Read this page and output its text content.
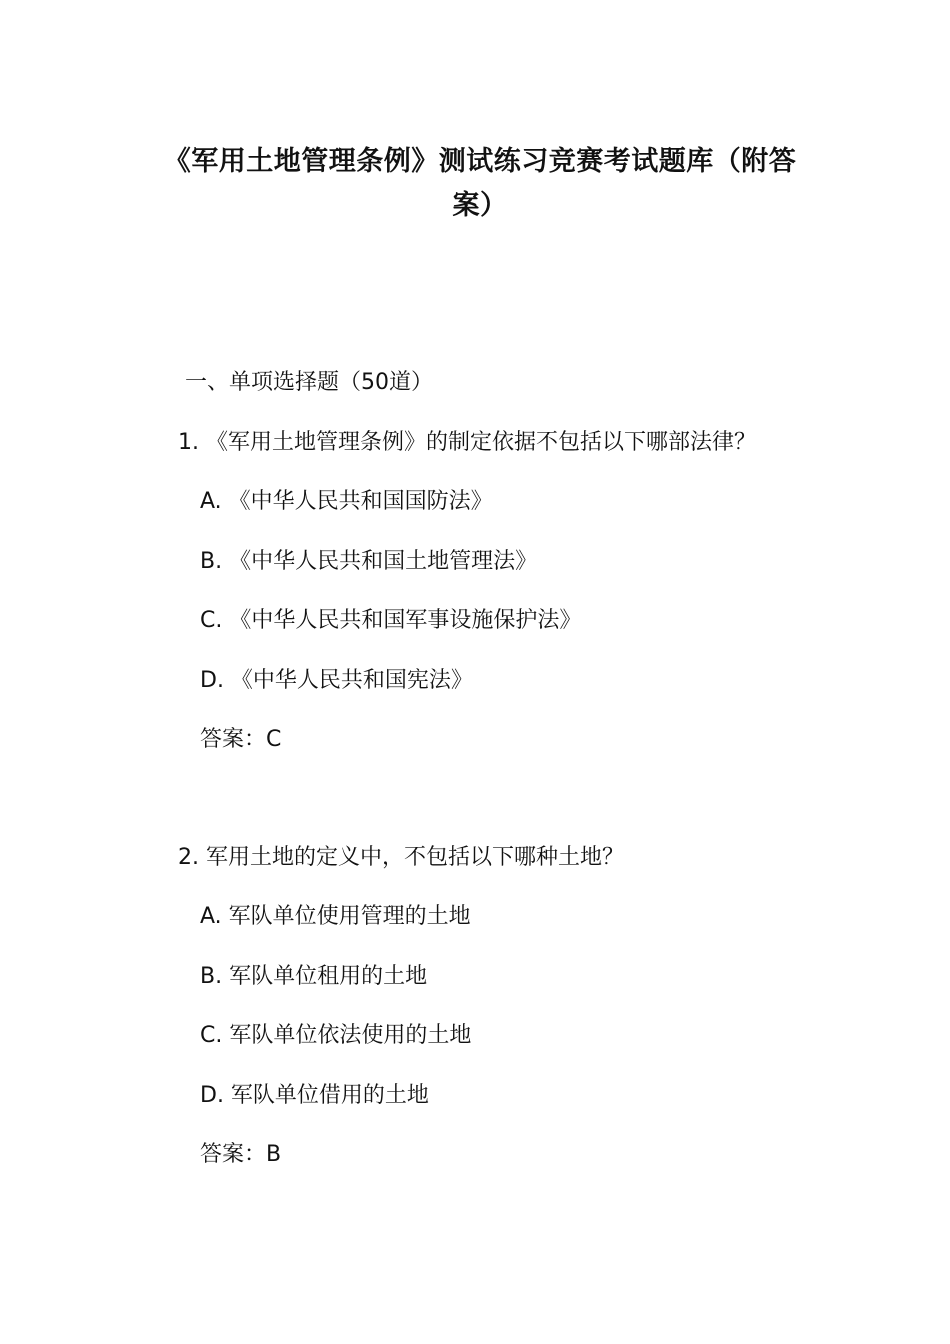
《军用土地管理条例》测试练习竞赛考试题库（附答案）
一、单项选择题（50道）
1. 《军用土地管理条例》的制定依据不包括以下哪部法律？
A. 《中华人民共和国国防法》
B. 《中华人民共和国土地管理法》
C. 《中华人民共和国军事设施保护法》
D. 《中华人民共和国宪法》
答案：C
2. 军用土地的定义中，不包括以下哪种土地？
A. 军队单位使用管理的土地
B. 军队单位租用的土地
C. 军队单位依法使用的土地
D. 军队单位借用的土地
答案：B
